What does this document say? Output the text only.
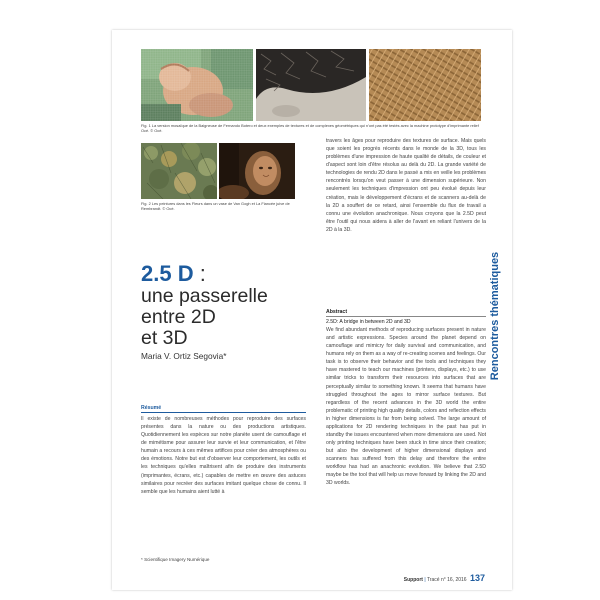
Fig. 1 La version mosaïque de la Baigneuse de Fernando Botero et deux exemples de textures et de complexes géométriques qui n'ont pas été testés avec la machine prototype d'imprimante relief Océ. © Océ.
Fig. 2 Les peintures dans les Fleurs dans un vase de Van Gogh et La Fiancée juive de Rembrandt. © Océ.
2.5 D :
une passerelle
entre 2D
et 3D
Maria V. Ortiz Segovia*
Résumé
Il existe de nombreuses méthodes pour reproduire des surfaces présentes dans la nature ou des productions artistiques. Quotidiennement les espèces sur notre planète usent de camouflage et de mimétisme pour assurer leur survie et leur communication, et l'être humain a recours à ces mêmes artifices pour créer des atmosphères ou des émotions. Notre but est d'observer leur comportement, les outils et les techniques qu'elles maîtrisent afin de produire des instruments (imprimantes, écrans, etc.) capables de mettre en œuvre des astuces similaires pour recréer des surfaces imitant quelque chose de connu. Il semble que les humains aient lutté à
* Scientifique Imagery Numérique
travers les âges pour reproduire des textures de surface. Mais quels que soient les progrès récents dans le monde de la 3D, tous les problèmes d'une impression de haute qualité de détails, de couleur et d'aspect sont loin d'être résolus au delà du 2D. La grande variété de technologies de rendu 2D dans le passé a mis en veille les problèmes rencontrés lorsqu'on veut passer à une dimension supérieure. Non seulement les techniques d'impression ont peu évolué depuis leur création, mais le développement d'écrans et de scanners au-delà de la 2D a souffert de ce retard, ainsi l'ensemble du flux de travail a connu une évolution anachronique. Nous croyons que la 2.5D peut être l'outil qui nous aidera à aller de l'avant en reliant l'univers de la 2D à la 3D.
Abstract
2.5D: A bridge in between 2D and 3D
We find abundant methods of reproducing surfaces present in nature and artistic expressions. Species around the planet depend on camouflage and mimicry for daily survival and communication, and humans rely on them as a way of re-creating scenes and feelings. Our task is to observe their behavior and the tools and techniques they have mastered to teach our machines (printers, displays, etc.) to use similar tricks to transform their resources into surfaces that are perceptually similar to something known. It seems that humans have struggled throughout the ages to mirror surface textures. But regardless of the recent advances in the 3D world the entire problematic of printing high quality details, colors and reflection effects in higher dimensions is far from being solved. The large amount of applications for 2D rendering techniques in the past has put in standby the issues encountered when more dimensions are used. Not only printing techniques have been stuck in time since their creation; but also the development of higher dimensional displays and scanners has suffered from this delay and therefore the entire workflow has had an anachronic evolution. We believe that 2.5D maybe be the tool that will help us move forward by linking the 2D and 3D worlds.
Rencontres thématiques
Support | Tracé n° 16, 2016 137
